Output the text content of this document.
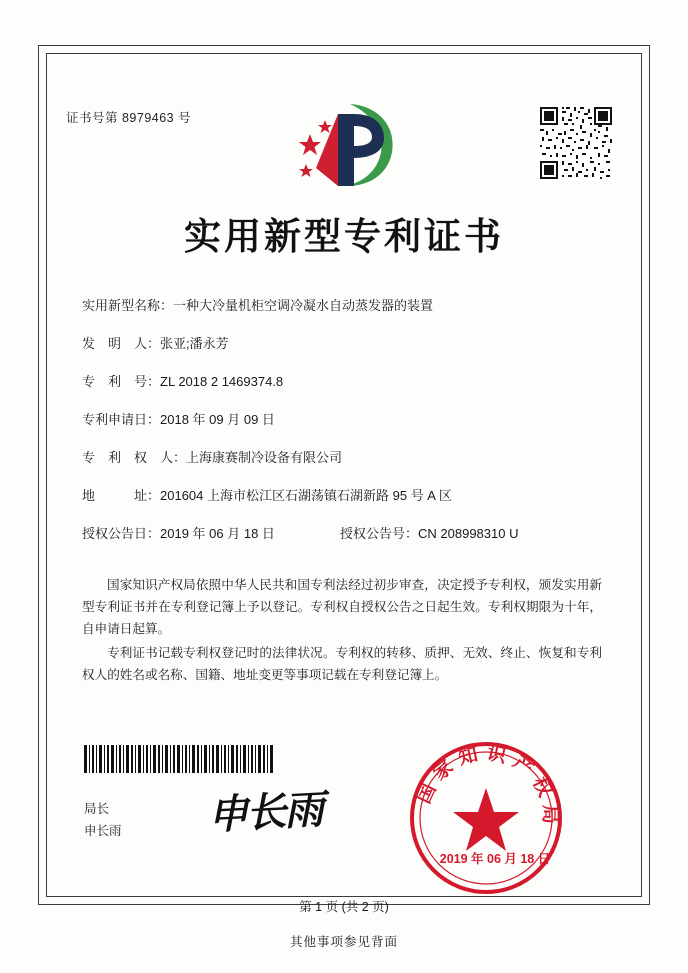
证书号第 8979463 号
实用新型专利证书
实用新型名称：一种大冷量机柜空调冷凝水自动蒸发器的装置
发　明　人：张亚;潘永芳
专　利　号：ZL 2018 2 1469374.8
专利申请日：2018 年 09 月 09 日
专　利　权　人：上海康赛制冷设备有限公司
地　　　址：201604 上海市松江区石湖荡镇石湖新路 95 号 A 区
授权公告日：2019 年 06 月 18 日	授权公告号：CN 208998310 U

国家知识产权局依照中华人民共和国专利法经过初步审查，决定授予专利权，颁发实用新型专利证书并在专利登记簿上予以登记。专利权自授权公告之日起生效。专利权期限为十年，自申请日起算。

专利证书记载专利权登记时的法律状况。专利权的转移、质押、无效、终止、恢复和专利权人的姓名或名称、国籍、地址变更等事项记载在专利登记簿上。

局长
申长雨 申长雨	国家知识产权局
2019 年 06 月 18 日
第 1 页 (共 2 页)
其他事项参见背面
